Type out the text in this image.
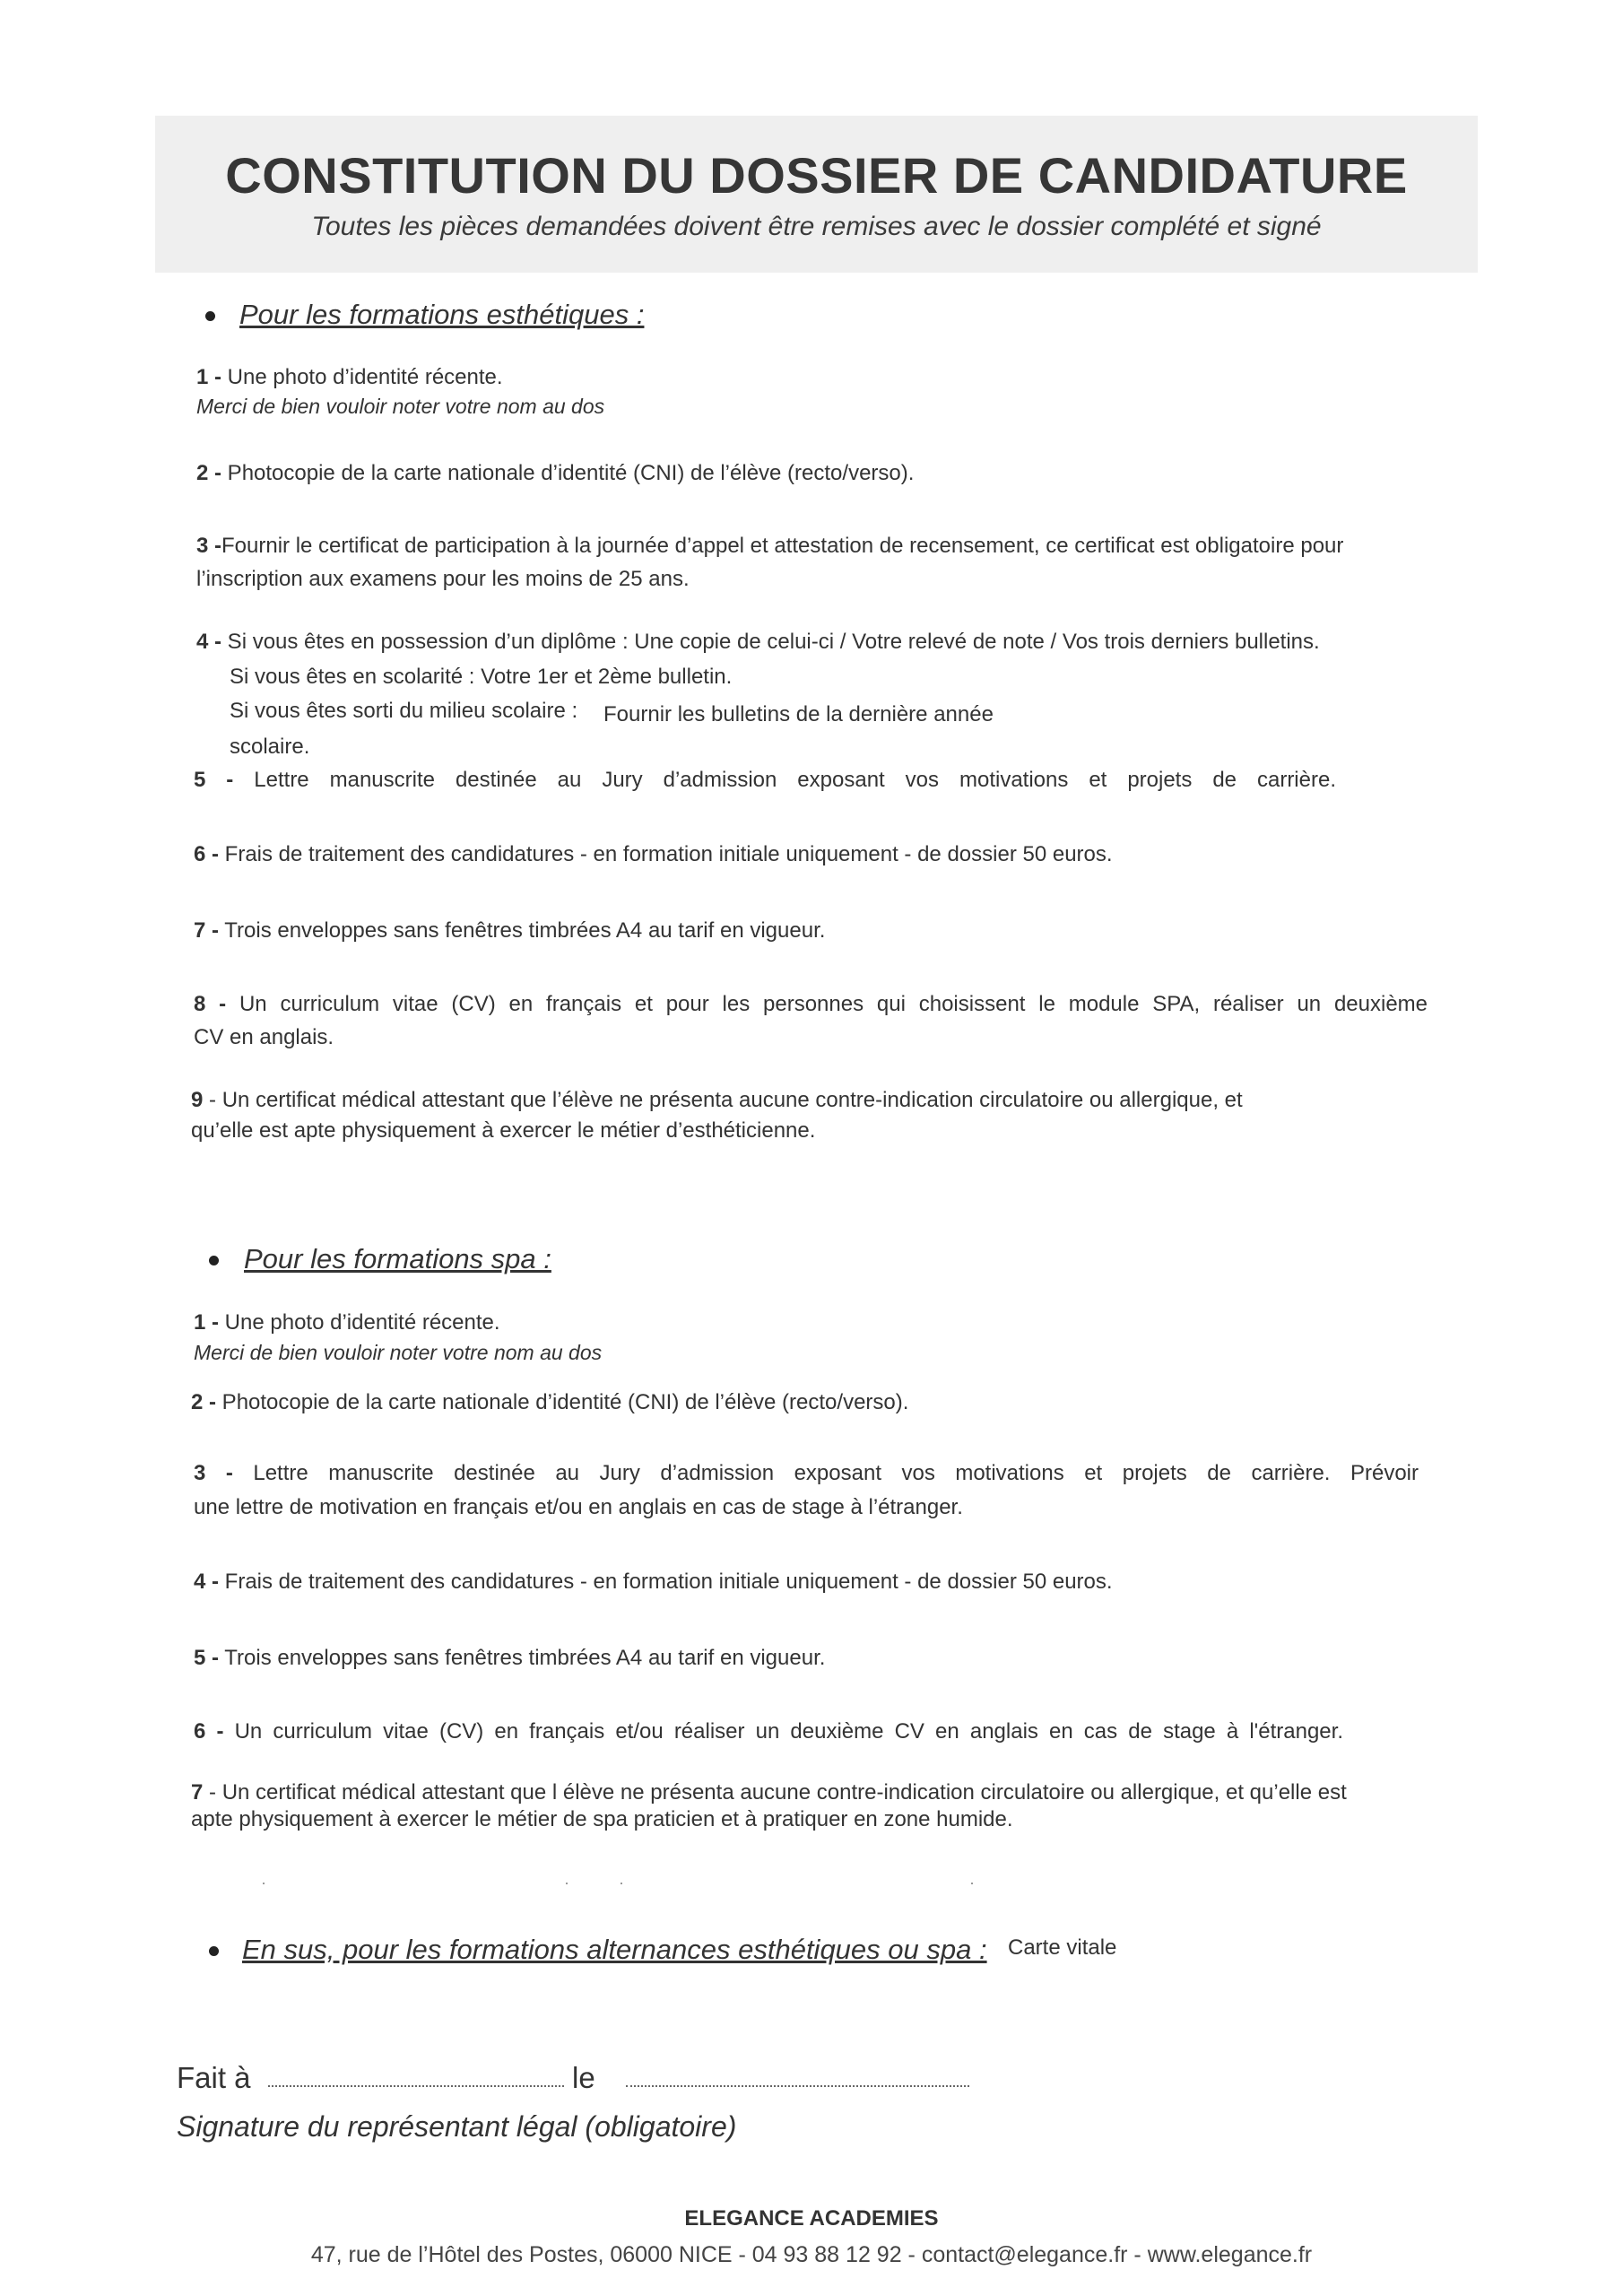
CONSTITUTION DU DOSSIER DE CANDIDATURE
Toutes les pièces demandées doivent être remises avec le dossier complété et signé
Pour les formations esthétiques :
1 - Une photo d’identité récente.
Merci de bien vouloir noter votre nom au dos
2 - Photocopie de la carte nationale d’identité (CNI) de l’élève (recto/verso).
3 -Fournir le certificat de participation à la journée d’appel et attestation de recensement, ce certificat est obligatoire pour
l’inscription aux examens pour les moins de 25 ans.
4 - Si vous êtes en possession d’un diplôme : Une copie de celui-ci / Votre relevé de note / Vos trois derniers bulletins.
Si vous êtes en scolarité : Votre 1er et 2ème bulletin.
Si vous êtes sorti du milieu scolaire : Fournir les bulletins de la dernière année
scolaire.
5 - Lettre manuscrite destinée au Jury d’admission exposant vos motivations et projets de carrière.
6 - Frais de traitement des candidatures - en formation initiale uniquement - de dossier 50 euros.
7 - Trois enveloppes sans fenêtres timbrées A4 au tarif en vigueur.
8 - Un curriculum vitae (CV) en français et pour les personnes qui choisissent le module SPA, réaliser un deuxième
CV en anglais.
9 - Un certificat médical attestant que l’élève ne présenta aucune contre-indication circulatoire ou allergique, et
qu’elle est apte physiquement à exercer le métier d’esthéticienne.
Pour les formations spa :
1 - Une photo d’identité récente.
Merci de bien vouloir noter votre nom au dos
2 - Photocopie de la carte nationale d’identité (CNI) de l’élève (recto/verso).
3 - Lettre manuscrite destinée au Jury d’admission exposant vos motivations et projets de carrière. Prévoir
une lettre de motivation en français et/ou en anglais en cas de stage à l’étranger.
4 - Frais de traitement des candidatures - en formation initiale uniquement - de dossier 50 euros.
5 - Trois enveloppes sans fenêtres timbrées A4 au tarif en vigueur.
6 - Un curriculum vitae (CV) en français et/ou réaliser un deuxième CV en anglais en cas de stage à l'étranger.
7 - Un certificat médical attestant que l élève ne présenta aucune contre-indication circulatoire ou allergique, et qu’elle est
apte physiquement à exercer le métier de spa praticien et à pratiquer en zone humide.
En sus, pour les formations alternances esthétiques ou spa : Carte vitale
Fait à	le
Signature du représentant légal (obligatoire)
ELEGANCE ACADEMIES
47, rue de l’Hôtel des Postes, 06000 NICE - 04 93 88 12 92 - contact@elegance.fr - www.elegance.fr
